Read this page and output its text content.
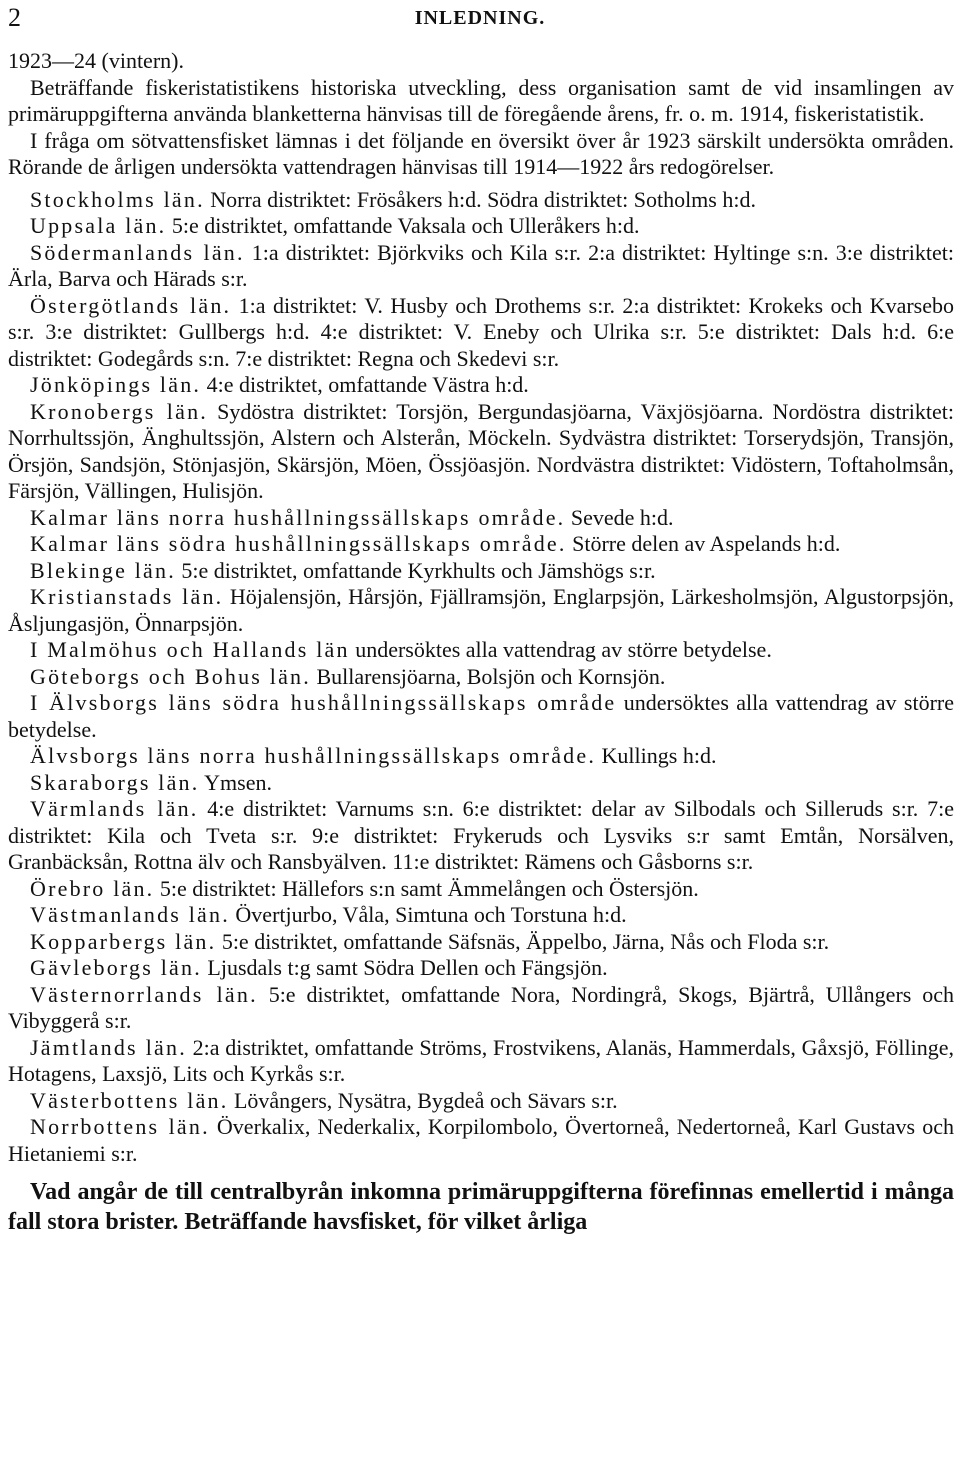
2	INLEDNING.

1923—24 (vintern).

Beträffande fiskeristatistikens historiska utveckling, dess organisation samt de vid insamlingen av primäruppgifterna använda blanketterna hänvisas till de föregående årens, fr. o. m. 1914, fiskeristatistik.

I fråga om sötvattensfisket lämnas i det följande en översikt över år 1923 särskilt undersökta områden. Rörande de årligen undersökta vattendragen hänvisas till 1914—1922 års redogörelser.

Stockholms län. Norra distriktet: Frösåkers h:d. Södra distriktet: Sotholms h:d.

Uppsala län. 5:e distriktet, omfattande Vaksala och Ulleråkers h:d.

Södermanlands län. 1:a distriktet: Björkviks och Kila s:r. 2:a distriktet: Hyltinge s:n. 3:e distriktet: Ärla, Barva och Härads s:r.

Östergötlands län. 1:a distriktet: V. Husby och Drothems s:r. 2:a distriktet: Krokeks och Kvarsebo s:r. 3:e distriktet: Gullbergs h:d. 4:e distriktet: V. Eneby och Ulrika s:r. 5:e distriktet: Dals h:d. 6:e distriktet: Godegårds s:n. 7:e distriktet: Regna och Skedevi s:r.

Jönköpings län. 4:e distriktet, omfattande Västra h:d.

Kronobergs län. Sydöstra distriktet: Torsjön, Bergundasjöarna, Växjösjöarna. Nordöstra distriktet: Norrhultssjön, Änghultssjön, Alstern och Alsterån, Möckeln. Sydvästra distriktet: Torserydsjön, Transjön, Örsjön, Sandsjön, Stönjasjön, Skärsjön, Möen, Össjöasjön. Nordvästra distriktet: Vidöstern, Toftaholmsån, Färsjön, Vällingen, Hulisjön.

Kalmar läns norra hushållningssällskaps område. Sevede h:d.

Kalmar läns södra hushållningssällskaps område. Större delen av Aspelands h:d.

Blekinge län. 5:e distriktet, omfattande Kyrkhults och Jämshögs s:r.

Kristianstads län. Höjalensjön, Hårsjön, Fjällramsjön, Englarpsjön, Lärkesholmsjön, Algustorpsjön, Åsljungasjön, Önnarpsjön.

I Malmöhus och Hallands län undersöktes alla vattendrag av större betydelse.

Göteborgs och Bohus län. Bullarensjöarna, Bolsjön och Kornsjön.

I Älvsborgs läns södra hushållningssällskaps område undersöktes alla vattendrag av större betydelse.

Älvsborgs läns norra hushållningssällskaps område. Kullings h:d.

Skaraborgs län. Ymsen.

Värmlands län. 4:e distriktet: Varnums s:n. 6:e distriktet: delar av Silbodals och Silleruds s:r. 7:e distriktet: Kila och Tveta s:r. 9:e distriktet: Frykeruds och Lysviks s:r samt Emtån, Norsälven, Granbäcksån, Rottna älv och Ransbyälven. 11:e distriktet: Rämens och Gåsborns s:r.

Örebro län. 5:e distriktet: Hällefors s:n samt Ämmelången och Östersjön.

Västmanlands län. Övertjurbo, Våla, Simtuna och Torstuna h:d.

Kopparbergs län. 5:e distriktet, omfattande Säfsnäs, Äppelbo, Järna, Nås och Floda s:r.

Gävleborgs län. Ljusdals t:g samt Södra Dellen och Fängsjön.

Västernorrlands län. 5:e distriktet, omfattande Nora, Nordingrå, Skogs, Bjärtrå, Ullångers och Vibyggerå s:r.

Jämtlands län. 2:a distriktet, omfattande Ströms, Frostvikens, Alanäs, Hammerdals, Gåxsjö, Föllinge, Hotagens, Laxsjö, Lits och Kyrkås s:r.

Västerbottens län. Lövångers, Nysätra, Bygdeå och Sävars s:r.

Norrbottens län. Överkalix, Nederkalix, Korpilombolo, Övertorneå, Nedertorneå, Karl Gustavs och Hietaniemi s:r.

Vad angår de till centralbyrån inkomna primäruppgifterna förefinnas emellertid i många fall stora brister. Beträffande havsfisket, för vilket årliga
